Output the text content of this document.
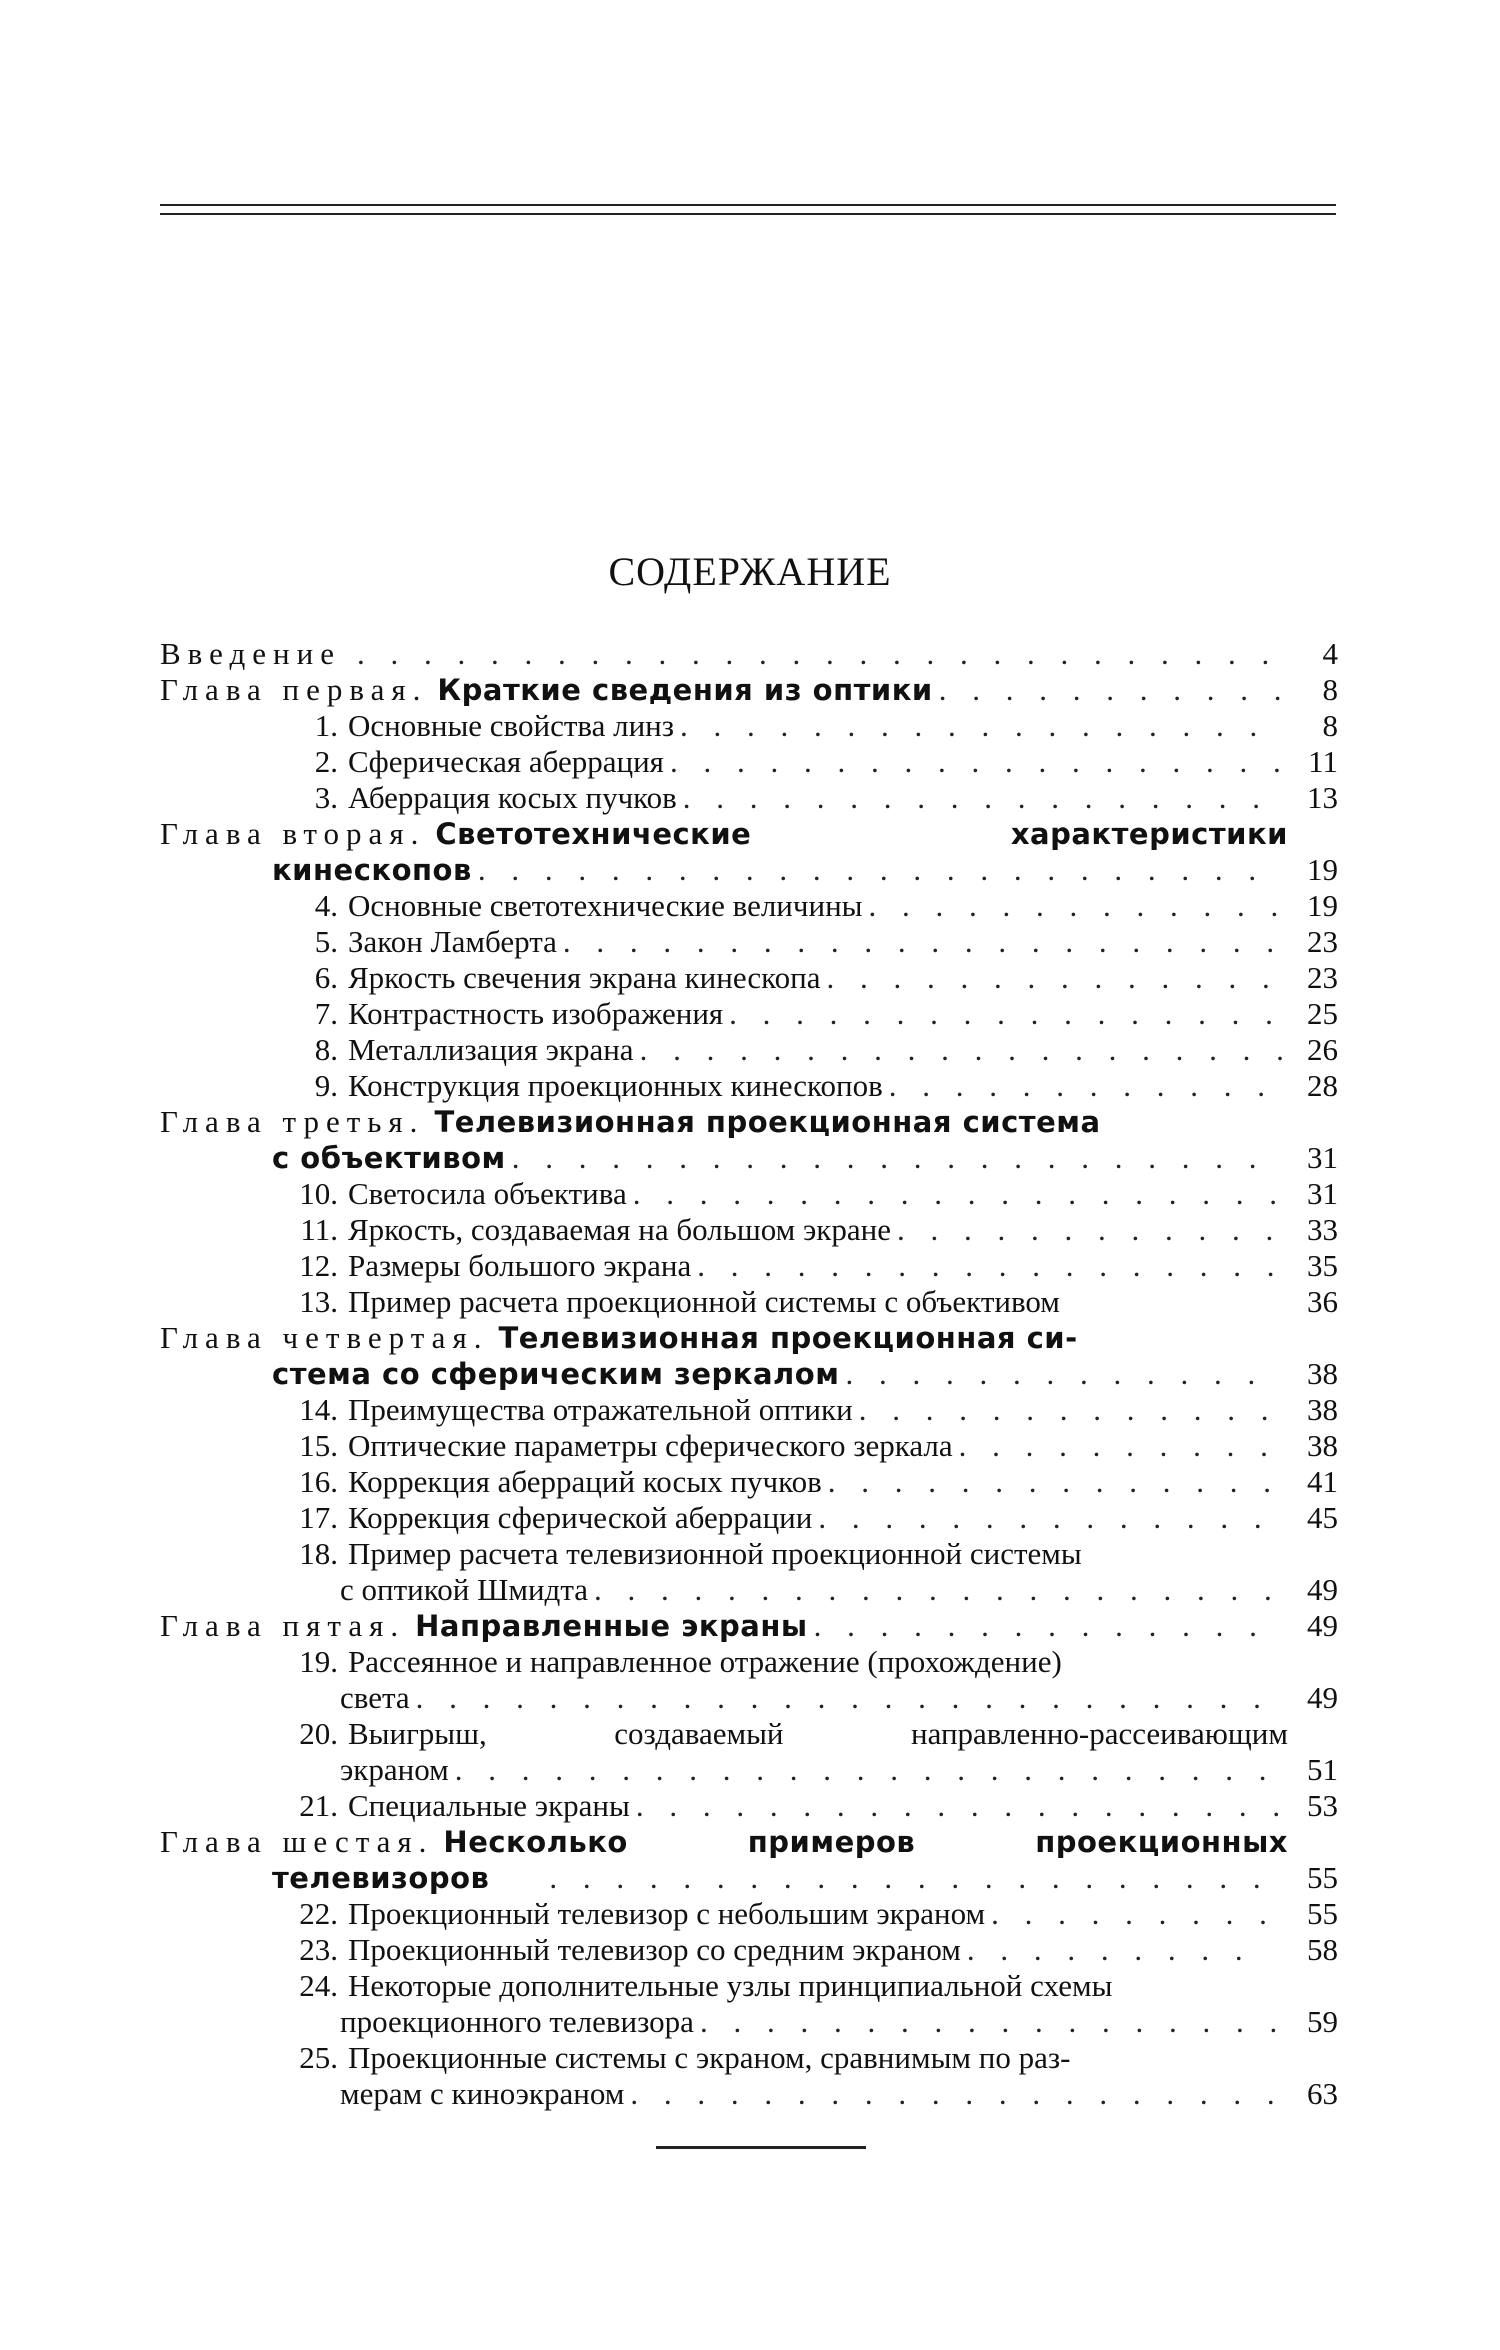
СОДЕРЖАНИЕ
Введение . . .	4
Глава первая. Краткие сведения из оптики . . .	8
1. Основные свойства линз . . .	8
2. Сферическая аберрация . . .	11
3. Аберрация косых пучков . . .	13
Глава вторая. Светотехнические	характеристики
кинескопов . . .	19
4. Основные светотехнические величины . . .	19
5. Закон Ламберта . . .	23
6. Яркость свечения экрана кинескопа . . .	23
7. Контрастность изображения . . .	25
8. Металлизация экрана . . .	26
9. Конструкция проекционных кинескопов . . .	28
Глава третья. Телевизионная проекционная система
с объективом . . .	31
10. Светосила объектива . . .	31
11. Яркость, создаваемая на большом экране . . .	33
12. Размеры большого экрана . . .	35
13. Пример расчета проекционной системы с объективом	36
Глава четвертая. Телевизионная проекционная си-
стема со сферическим зеркалом . . .	38
14. Преимущества отражательной оптики . . .	38
15. Оптические параметры сферического зеркала . . .	38
16. Коррекция аберраций косых пучков . . .	41
17. Коррекция сферической аберрации . . .	45
18. Пример расчета телевизионной проекционной системы
с оптикой Шмидта . . .	49
Глава пятая. Направленные экраны . . .	49
19. Рассеянное и направленное отражение (прохождение)
света . . .	49
20. Выигрыш,	создаваемый	направленно-рассеивающим
экраном . . .	51
21. Специальные экраны . . .	53
Глава шестая. Несколько	примеров	проекционных
телевизоров . . .	55
22. Проекционный телевизор с небольшим экраном . . .	55
23. Проекционный телевизор со средним экраном . . .	58
24. Некоторые дополнительные узлы принципиальной схемы
проекционного телевизора . . .	59
25. Проекционные системы с экраном, сравнимым по раз-
мерам с киноэкраном . . .	63
